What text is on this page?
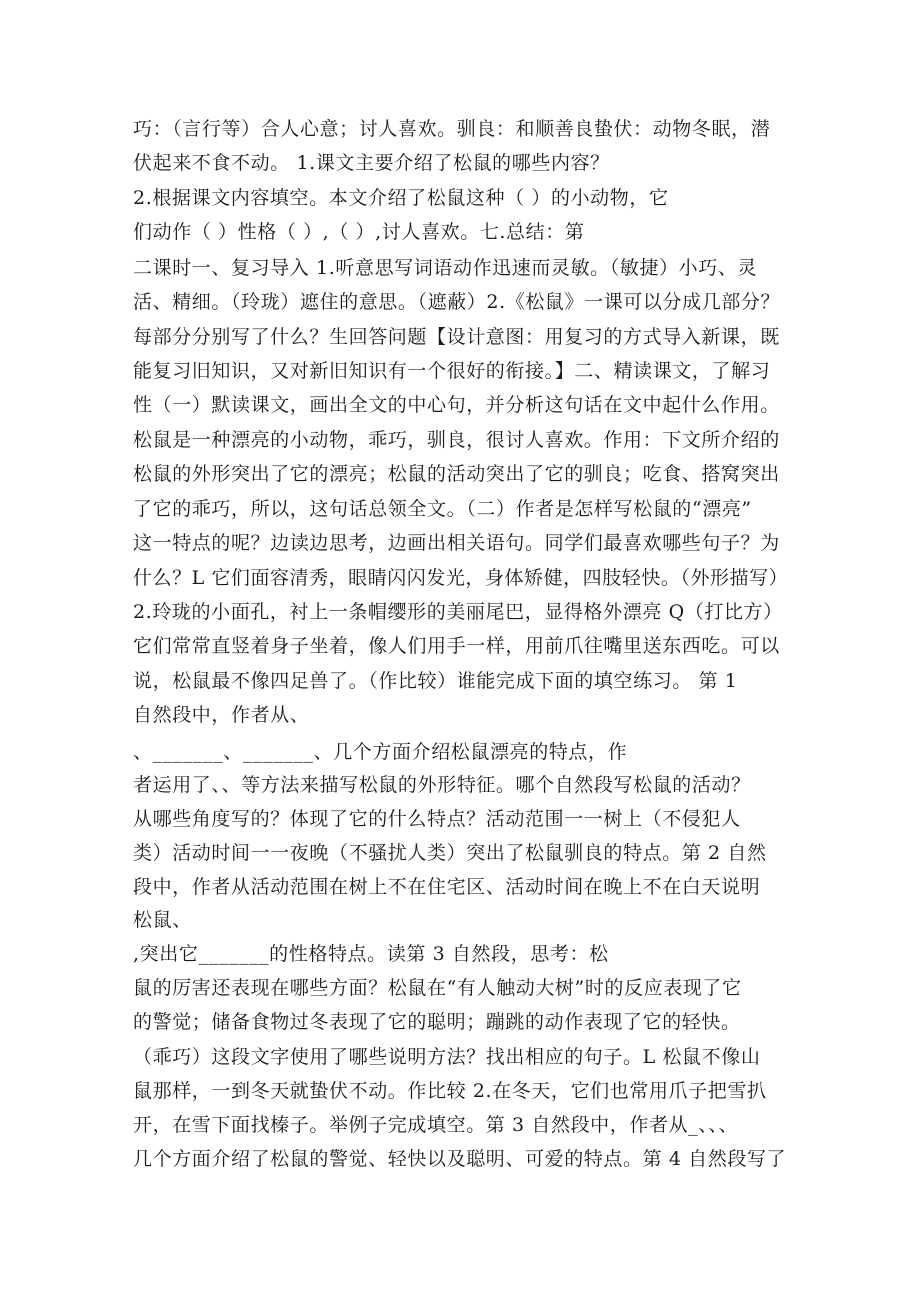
巧：（言行等）合人心意；讨人喜欢。驯良：和顺善良蛰伏：动物冬眠，潜
伏起来不食不动。 1.课文主要介绍了松鼠的哪些内容？
2.根据课文内容填空。本文介绍了松鼠这种（ ）的小动物，它
们动作（ ）性格（ ）,（ ）,讨人喜欢。七.总结：第
二课时一、复习导入 1.听意思写词语动作迅速而灵敏。（敏捷）小巧、灵
活、精细。（玲珑）遮住的意思。（遮蔽）2.《松鼠》一课可以分成几部分？
每部分分别写了什么？生回答问题【设计意图：用复习的方式导入新课，既
能复习旧知识，又对新旧知识有一个很好的衔接。】二、精读课文，了解习
性（一）默读课文，画出全文的中心句，并分析这句话在文中起什么作用。
松鼠是一种漂亮的小动物，乖巧，驯良，很讨人喜欢。作用：下文所介绍的
松鼠的外形突出了它的漂亮；松鼠的活动突出了它的驯良；吃食、搭窝突出
了它的乖巧，所以，这句话总领全文。（二）作者是怎样写松鼠的“漂亮”
这一特点的呢？边读边思考，边画出相关语句。同学们最喜欢哪些句子？为
什么？L 它们面容清秀，眼睛闪闪发光，身体矫健，四肢轻快。（外形描写）
2.玲珑的小面孔，衬上一条帽缨形的美丽尾巴，显得格外漂亮 Q（打比方）
它们常常直竖着身子坐着，像人们用手一样，用前爪往嘴里送东西吃。可以
说，松鼠最不像四足兽了。（作比较）谁能完成下面的填空练习。 第 1
自然段中，作者从、
、_______、_______、几个方面介绍松鼠漂亮的特点，作
者运用了、、等方法来描写松鼠的外形特征。哪个自然段写松鼠的活动？
从哪些角度写的？体现了它的什么特点？活动范围一一树上（不侵犯人
类）活动时间一一夜晚（不骚扰人类）突出了松鼠驯良的特点。第 2 自然
段中，作者从活动范围在树上不在住宅区、活动时间在晚上不在白天说明
松鼠、
,突出它_______的性格特点。读第 3 自然段，思考：松
鼠的厉害还表现在哪些方面？松鼠在“有人触动大树”时的反应表现了它
的警觉；储备食物过冬表现了它的聪明；蹦跳的动作表现了它的轻快。
（乖巧）这段文字使用了哪些说明方法？找出相应的句子。L 松鼠不像山
鼠那样，一到冬天就蛰伏不动。作比较 2.在冬天，它们也常用爪子把雪扒
开，在雪下面找榛子。举例子完成填空。第 3 自然段中，作者从_、、、
几个方面介绍了松鼠的警觉、轻快以及聪明、可爱的特点。第 4 自然段写了
